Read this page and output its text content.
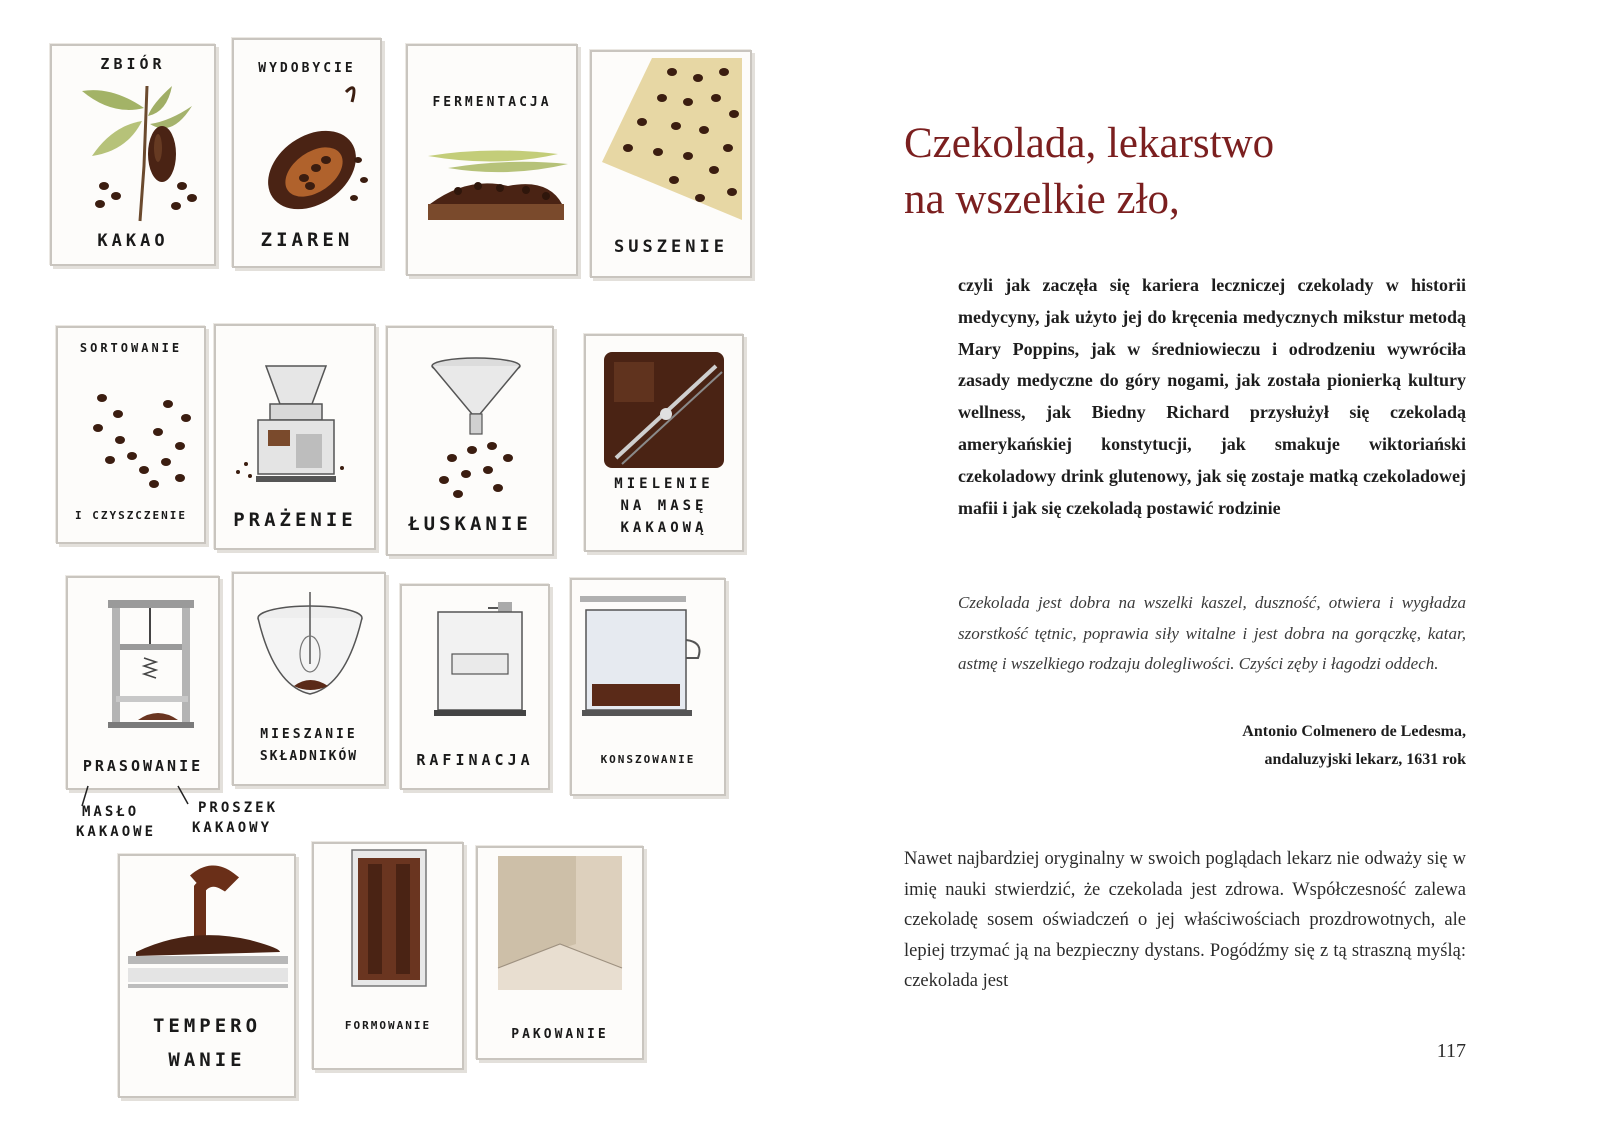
ZBIÓR
KAKAO
WYDOBYCIE
ZIAREN
FERMENTACJA
SUSZENIE
SORTOWANIE
I CZYSZCZENIE	PRAŻENIE	ŁUSKANIE
MIELENIE
NA MASĘ
KAKAOWĄ
PRASOWANIE
MIESZANIE
SKŁADNIKÓW	RAFINACJA	KONSZOWANIE
MASŁO
KAKAOWE
PROSZEK
KAKAOWY
TEMPERO
WANIE
FORMOWANIE
PAKOWANIE
Czekolada, lekarstwo
na wszelkie zło,

czyli jak zaczęła się kariera leczniczej czekolady w historii medycyny, jak użyto jej do kręcenia medycznych mikstur metodą Mary Poppins, jak w średniowieczu i odrodzeniu wywróciła zasady medyczne do góry nogami, jak została pionierką kultury wellness, jak Biedny Richard przysłużył się czekoladą amerykańskiej konstytucji, jak smakuje wiktoriański czekoladowy drink glutenowy, jak się zostaje matką czekoladowej mafii i jak się czekoladą postawić rodzinie

Czekolada jest dobra na wszelki kaszel, duszność, otwiera i wygładza szorstkość tętnic, poprawia siły witalne i jest dobra na gorączkę, katar, astmę i wszelkiego rodzaju dolegliwości. Czyści zęby i łagodzi oddech.

Antonio Colmenero de Ledesma,
andaluzyjski lekarz, 1631 rok

Nawet najbardziej oryginalny w swoich poglądach lekarz nie odważy się w imię nauki stwierdzić, że czekolada jest zdrowa. Współczesność zalewa czekoladę sosem oświadczeń o jej właściwościach prozdrowotnych, ale lepiej trzymać ją na bezpieczny dystans. Pogódźmy się z tą straszną myślą: czekolada jest

117
